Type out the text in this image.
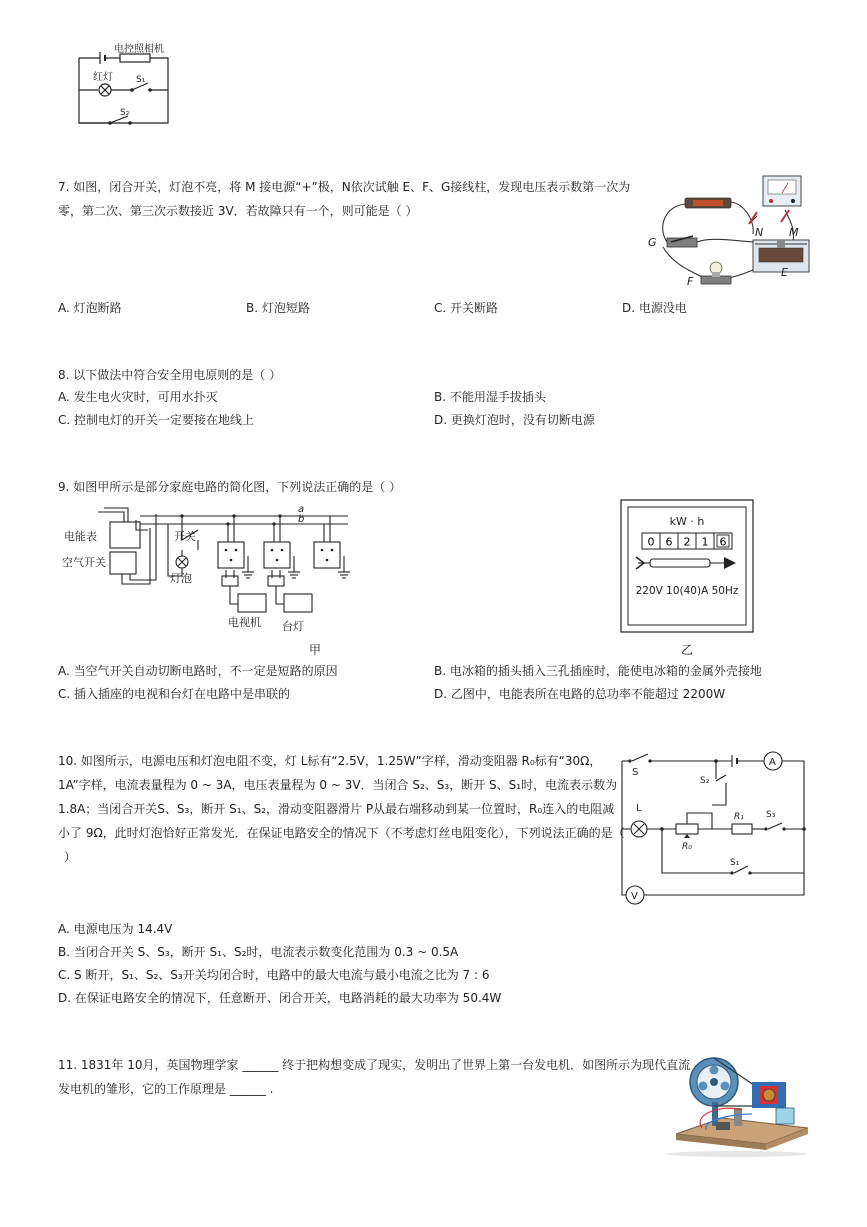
电控照相机
红灯	S₁
S₂
7. 如图，闭合开关，灯泡不亮，将 M 接电源“+”极，N依次试触 E、F、G接线柱，发现电压表示数第一次为
零，第二次、第三次示数接近 3V．若故障只有一个，则可能是（ ）
G
F
E
N M
A. 灯泡断路	B. 灯泡短路	C. 开关断路	D. 电源没电
8. 以下做法中符合安全用电原则的是（ ）
A. 发生电火灾时，可用水扑灭	B. 不能用湿手拔插头
C. 控制电灯的开关一定要接在地线上	D. 更换灯泡时，没有切断电源
9. 如图甲所示是部分家庭电路的简化图，下列说法正确的是（ ）
电能表
空气开关
开关
灯泡
电视机 台灯
a
b
甲
kW · h
0 6 2 1 6
220V 10(40)A 50Hz
乙
A. 当空气开关自动切断电路时，不一定是短路的原因	B. 电冰箱的插头插入三孔插座时，能使电冰箱的金属外壳接地
C. 插入插座的电视和台灯在电路中是串联的	D. 乙图中，电能表所在电路的总功率不能超过 2200W
10. 如图所示，电源电压和灯泡电阻不变，灯 L标有“2.5V，1.25W”字样，滑动变阻器 R₀标有“30Ω，
1A”字样，电流表量程为 0 ~ 3A，电压表量程为 0 ~ 3V．当闭合 S₂、S₃，断开 S、S₁时，电流表示数为
1.8A；当闭合开关S、S₃，断开 S₁、S₂，滑动变阻器滑片 P从最右端移动到某一位置时，R₀连入的电阻减
小了 9Ω，此时灯泡恰好正常发光．在保证电路安全的情况下（不考虑灯丝电阻变化），下列说法正确的是（
）
S
A
S₂
L
R₁ S₃
R₀
V
S₁
A. 电源电压为 14.4V
B. 当闭合开关 S、S₃，断开 S₁、S₂时，电流表示数变化范围为 0.3 ~ 0.5A
C. S 断开，S₁、S₂、S₃开关均闭合时，电路中的最大电流与最小电流之比为 7 : 6
D. 在保证电路安全的情况下，任意断开、闭合开关，电路消耗的最大功率为 50.4W
11. 1831年 10月，英国物理学家 ______ 终于把构想变成了现实，发明出了世界上第一台发电机．如图所示为现代直流
发电机的雏形，它的工作原理是 ______ .
